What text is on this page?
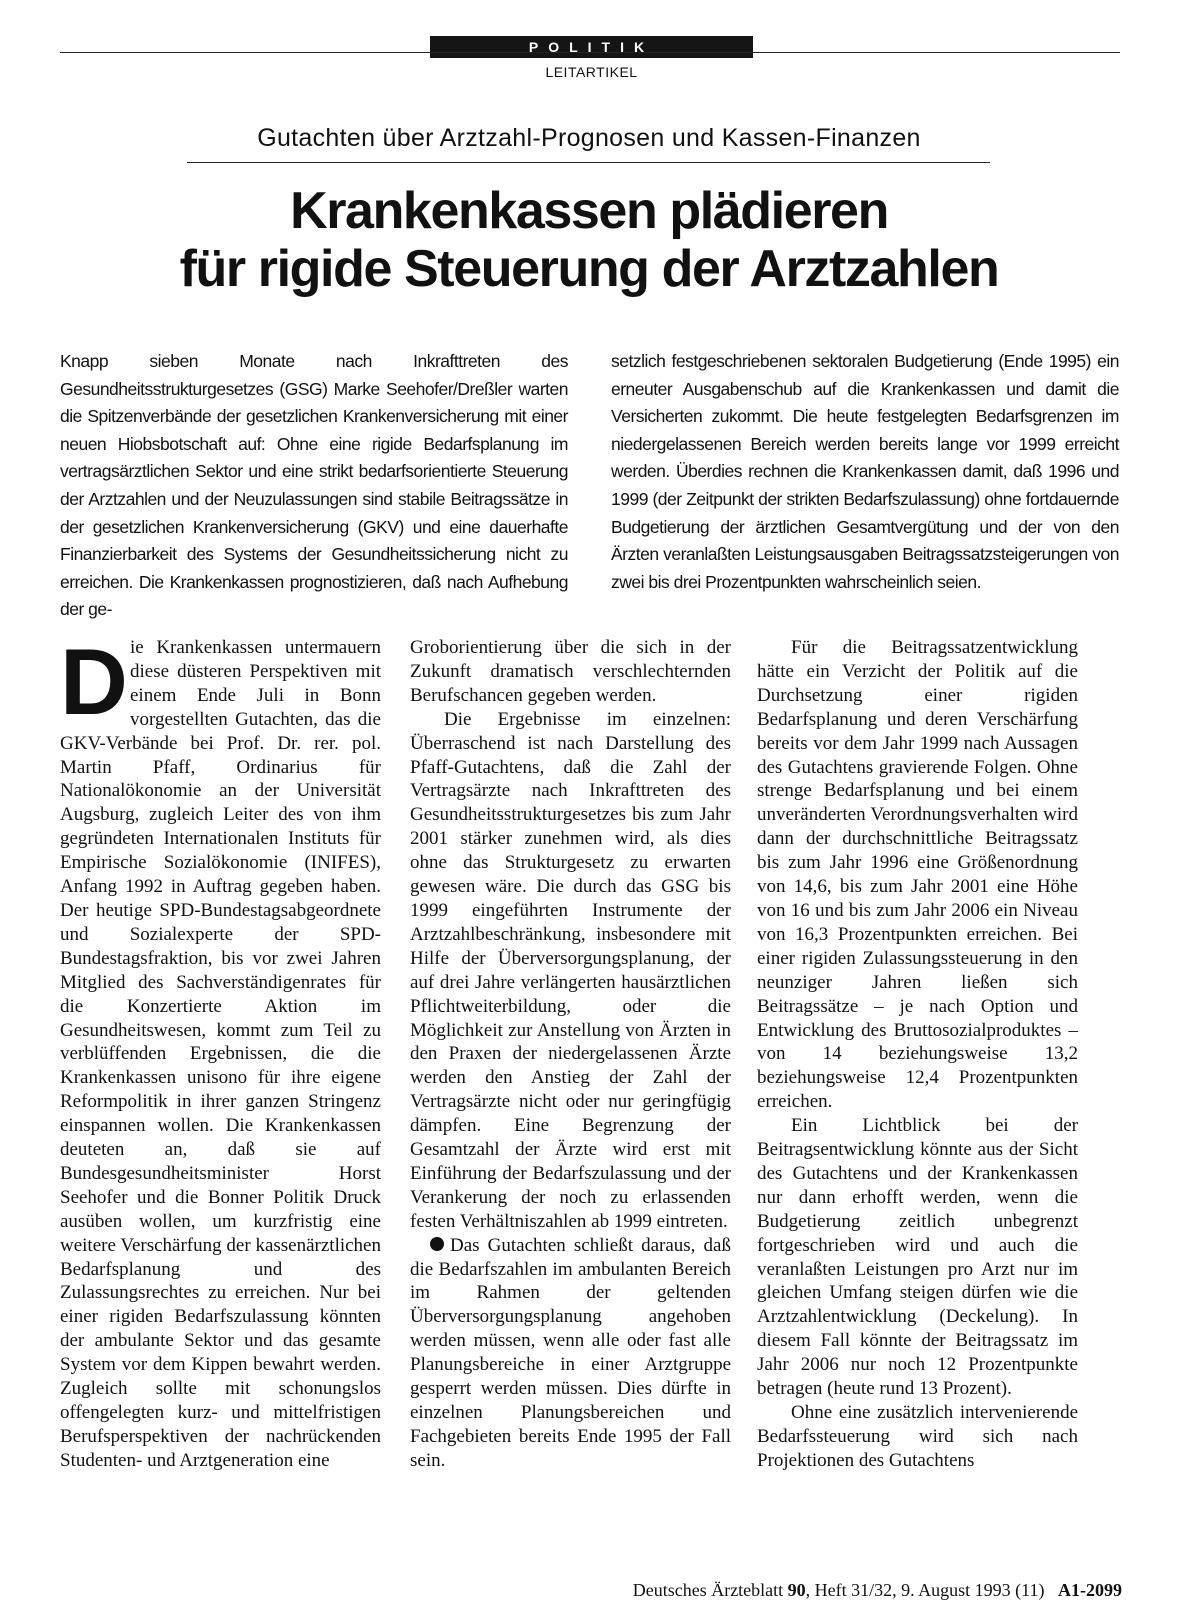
POLITIK
LEITARTIKEL
Gutachten über Arztzahl-Prognosen und Kassen-Finanzen
Krankenkassen plädieren
für rigide Steuerung der Arztzahlen

Knapp sieben Monate nach Inkrafttreten des Gesundheitsstrukturgesetzes (GSG) Marke Seehofer/Dreßler warten die Spitzenverbände der gesetzlichen Krankenversicherung mit einer neuen Hiobsbotschaft auf: Ohne eine rigide Bedarfsplanung im vertragsärztlichen Sektor und eine strikt bedarfsorientierte Steuerung der Arztzahlen und der Neuzulassungen sind stabile Beitragssätze in der gesetzlichen Krankenversicherung (GKV) und eine dauerhafte Finanzierbarkeit des Systems der Gesundheitssicherung nicht zu erreichen. Die Krankenkassen prognostizieren, daß nach Aufhebung der ge-

setzlich festgeschriebenen sektoralen Budgetierung (Ende 1995) ein erneuter Ausgabenschub auf die Krankenkassen und damit die Versicherten zukommt. Die heute festgelegten Bedarfsgrenzen im niedergelassenen Bereich werden bereits lange vor 1999 erreicht werden. Überdies rechnen die Krankenkassen damit, daß 1996 und 1999 (der Zeitpunkt der strikten Bedarfszulassung) ohne fortdauernde Budgetierung der ärztlichen Gesamtvergütung und der von den Ärzten veranlaßten Leistungsausgaben Beitragssatzsteigerungen von zwei bis drei Prozentpunkten wahrscheinlich seien.

Die Krankenkassen untermauern diese düsteren Perspektiven mit einem Ende Juli in Bonn vorgestellten Gutachten, das die GKV-Verbände bei Prof. Dr. rer. pol. Martin Pfaff, Ordinarius für Nationalökonomie an der Universität Augsburg, zugleich Leiter des von ihm gegründeten Internationalen Instituts für Empirische Sozialökonomie (INIFES), Anfang 1992 in Auftrag gegeben haben. Der heutige SPD-Bundestagsabgeordnete und Sozialexperte der SPD-Bundestagsfraktion, bis vor zwei Jahren Mitglied des Sachverständigenrates für die Konzertierte Aktion im Gesundheitswesen, kommt zum Teil zu verblüffenden Ergebnissen, die die Krankenkassen unisono für ihre eigene Reformpolitik in ihrer ganzen Stringenz einspannen wollen. Die Krankenkassen deuteten an, daß sie auf Bundesgesundheitsminister Horst Seehofer und die Bonner Politik Druck ausüben wollen, um kurzfristig eine weitere Verschärfung der kassenärztlichen Bedarfsplanung und des Zulassungsrechtes zu erreichen. Nur bei einer rigiden Bedarfszulassung könnten der ambulante Sektor und das gesamte System vor dem Kippen bewahrt werden. Zugleich sollte mit schonungslos offengelegten kurz- und mittelfristigen Berufsperspektiven der nachrückenden Studenten- und Arztgeneration eine

Groborientierung über die sich in der Zukunft dramatisch verschlechternden Berufschancen gegeben werden.

Die Ergebnisse im einzelnen: Überraschend ist nach Darstellung des Pfaff-Gutachtens, daß die Zahl der Vertragsärzte nach Inkrafttreten des Gesundheitsstrukturgesetzes bis zum Jahr 2001 stärker zunehmen wird, als dies ohne das Strukturgesetz zu erwarten gewesen wäre. Die durch das GSG bis 1999 eingeführten Instrumente der Arztzahlbeschränkung, insbesondere mit Hilfe der Überversorgungsplanung, der auf drei Jahre verlängerten hausärztlichen Pflichtweiterbildung, oder die Möglichkeit zur Anstellung von Ärzten in den Praxen der niedergelassenen Ärzte werden den Anstieg der Zahl der Vertragsärzte nicht oder nur geringfügig dämpfen. Eine Begrenzung der Gesamtzahl der Ärzte wird erst mit Einführung der Bedarfszulassung und der Verankerung der noch zu erlassenden festen Verhältniszahlen ab 1999 eintreten.

Das Gutachten schließt daraus, daß die Bedarfszahlen im ambulanten Bereich im Rahmen der geltenden Überversorgungsplanung angehoben werden müssen, wenn alle oder fast alle Planungsbereiche in einer Arztgruppe gesperrt werden müssen. Dies dürfte in einzelnen Planungsbereichen und Fachgebieten bereits Ende 1995 der Fall sein.

Für die Beitragssatzentwicklung hätte ein Verzicht der Politik auf die Durchsetzung einer rigiden Bedarfsplanung und deren Verschärfung bereits vor dem Jahr 1999 nach Aussagen des Gutachtens gravierende Folgen. Ohne strenge Bedarfsplanung und bei einem unveränderten Verordnungsverhalten wird dann der durchschnittliche Beitragssatz bis zum Jahr 1996 eine Größenordnung von 14,6, bis zum Jahr 2001 eine Höhe von 16 und bis zum Jahr 2006 ein Niveau von 16,3 Prozentpunkten erreichen. Bei einer rigiden Zulassungssteuerung in den neunziger Jahren ließen sich Beitragssätze – je nach Option und Entwicklung des Bruttosozialproduktes – von 14 beziehungsweise 13,2 beziehungsweise 12,4 Prozentpunkten erreichen.

Ein Lichtblick bei der Beitragsentwicklung könnte aus der Sicht des Gutachtens und der Krankenkassen nur dann erhofft werden, wenn die Budgetierung zeitlich unbegrenzt fortgeschrieben wird und auch die veranlaßten Leistungen pro Arzt nur im gleichen Umfang steigen dürfen wie die Arztzahlentwicklung (Deckelung). In diesem Fall könnte der Beitragssatz im Jahr 2006 nur noch 12 Prozentpunkte betragen (heute rund 13 Prozent).

Ohne eine zusätzlich intervenierende Bedarfssteuerung wird sich nach Projektionen des Gutachtens

Deutsches Ärzteblatt 90, Heft 31/32, 9. August 1993 (11) A1-2099
